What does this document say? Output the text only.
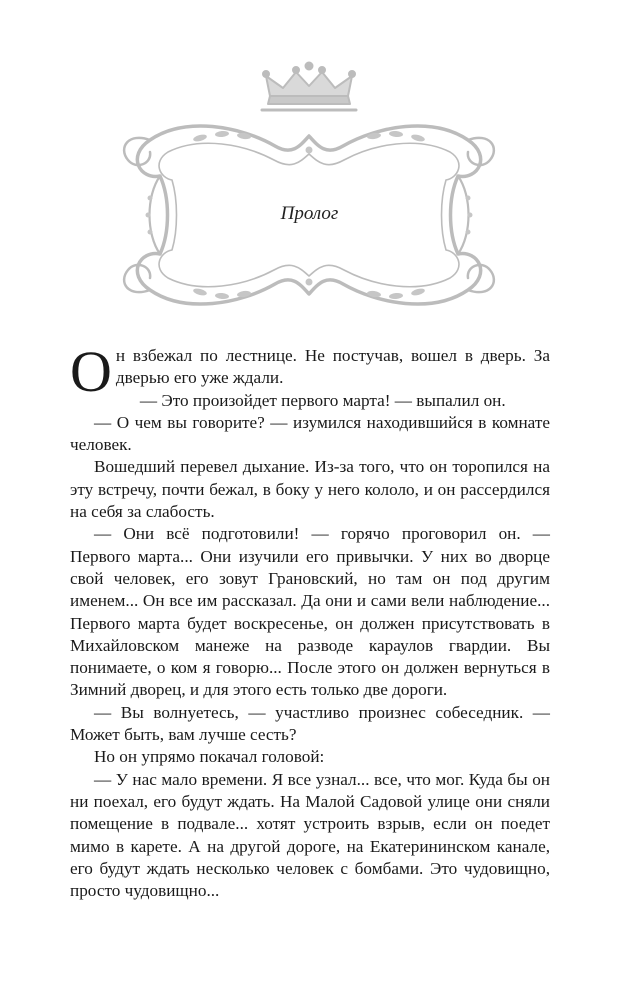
Пролог

Он взбежал по лестнице. Не постучав, вошел в дверь. За дверью его уже ждали.

— Это произойдет первого марта! — выпалил он.

— О чем вы говорите? — изумился находившийся в комнате человек.

Вошедший перевел дыхание. Из-за того, что он торопился на эту встречу, почти бежал, в боку у него кололо, и он рассердился на себя за слабость.

— Они всё подготовили! — горячо проговорил он. — Первого марта... Они изучили его привычки. У них во дворце свой человек, его зовут Грановский, но там он под другим именем... Он все им рассказал. Да они и сами вели наблюдение... Первого марта будет воскресенье, он должен присутствовать в Михайловском манеже на разводе караулов гвардии. Вы понимаете, о ком я говорю... После этого он должен вернуться в Зимний дворец, и для этого есть только две дороги.

— Вы волнуетесь, — участливо произнес собеседник. — Может быть, вам лучше сесть?

Но он упрямо покачал головой:

— У нас мало времени. Я все узнал... все, что мог. Куда бы он ни поехал, его будут ждать. На Малой Садовой улице они сняли помещение в подвале... хотят устроить взрыв, если он поедет мимо в карете. А на другой дороге, на Екатерининском канале, его будут ждать несколько человек с бомбами. Это чудовищно, просто чудовищно...
